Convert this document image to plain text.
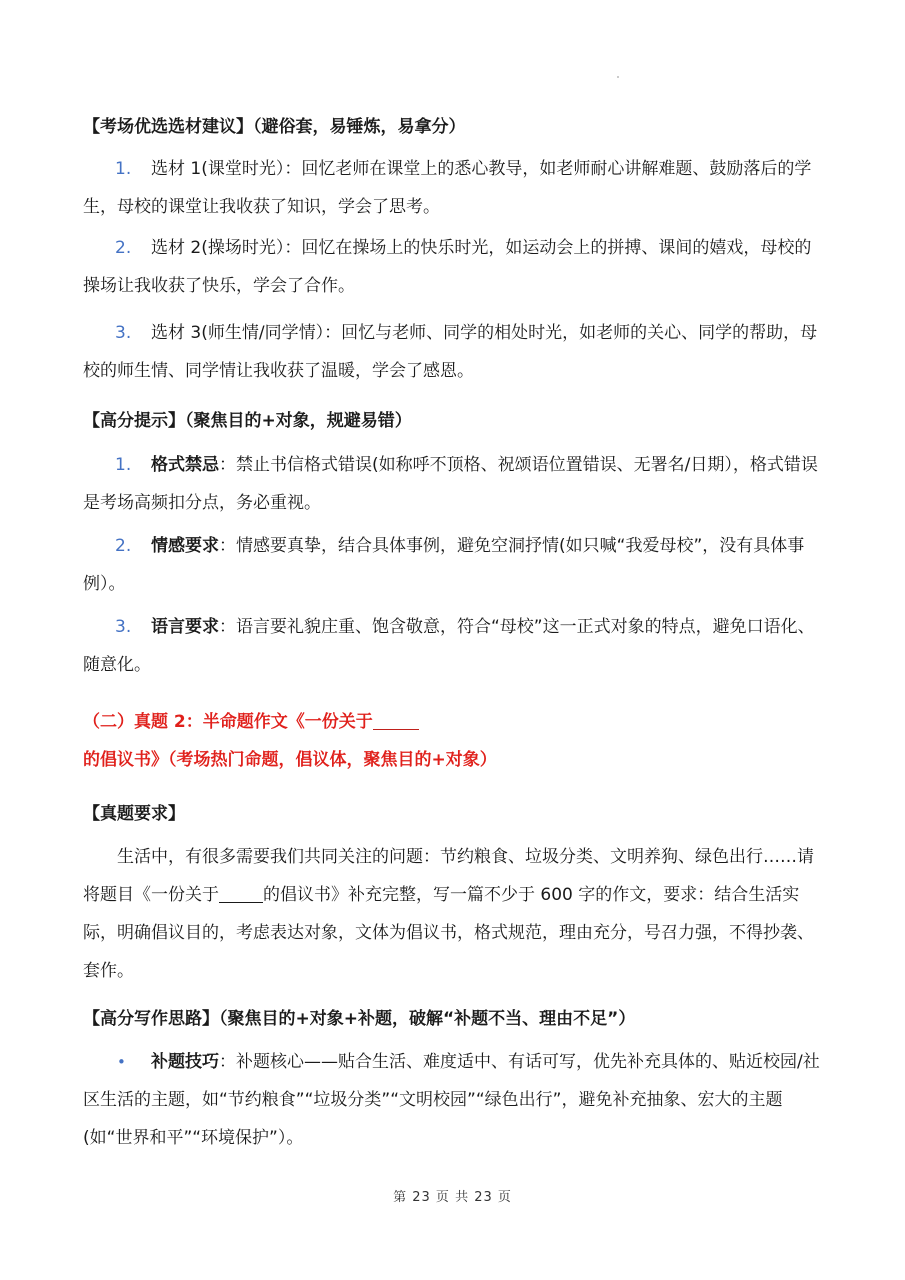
【考场优选选材建议】（避俗套，易锤炼，易拿分）
1. 选材 1(课堂时光）：回忆老师在课堂上的悉心教导，如老师耐心讲解难题、鼓励落后的学生，母校的课堂让我收获了知识，学会了思考。
2. 选材 2(操场时光）：回忆在操场上的快乐时光，如运动会上的拼搏、课间的嬉戏，母校的操场让我收获了快乐，学会了合作。
3. 选材 3(师生情/同学情）：回忆与老师、同学的相处时光，如老师的关心、同学的帮助，母校的师生情、同学情让我收获了温暖，学会了感恩。
【高分提示】（聚焦目的+对象，规避易错）
1. 格式禁忌：禁止书信格式错误(如称呼不顶格、祝颂语位置错误、无署名/日期），格式错误是考场高频扣分点，务必重视。
2. 情感要求：情感要真挚，结合具体事例，避免空洞抒情(如只喊“我爱母校”，没有具体事例）。
3. 语言要求：语言要礼貌庄重、饱含敬意，符合“母校”这一正式对象的特点，避免口语化、随意化。
（二）真题 2：半命题作文《一份关于的倡议书》（考场热门命题，倡议体，聚焦目的+对象）
【真题要求】
生活中，有很多需要我们共同关注的问题：节约粮食、垃圾分类、文明养狗、绿色出行……请将题目《一份关于	的倡议书》补充完整，写一篇不少于 600 字的作文，要求：结合生活实际，明确倡议目的，考虑表达对象，文体为倡议书，格式规范，理由充分，号召力强，不得抄袭、套作。
【高分写作思路】（聚焦目的+对象+补题，破解“补题不当、理由不足”）
• 补题技巧：补题核心——贴合生活、难度适中、有话可写，优先补充具体的、贴近校园/社区生活的主题，如“节约粮食”“垃圾分类”“文明校园”“绿色出行”，避免补充抽象、宏大的主题(如“世界和平”“环境保护”）。
第 23 页 共 23 页
